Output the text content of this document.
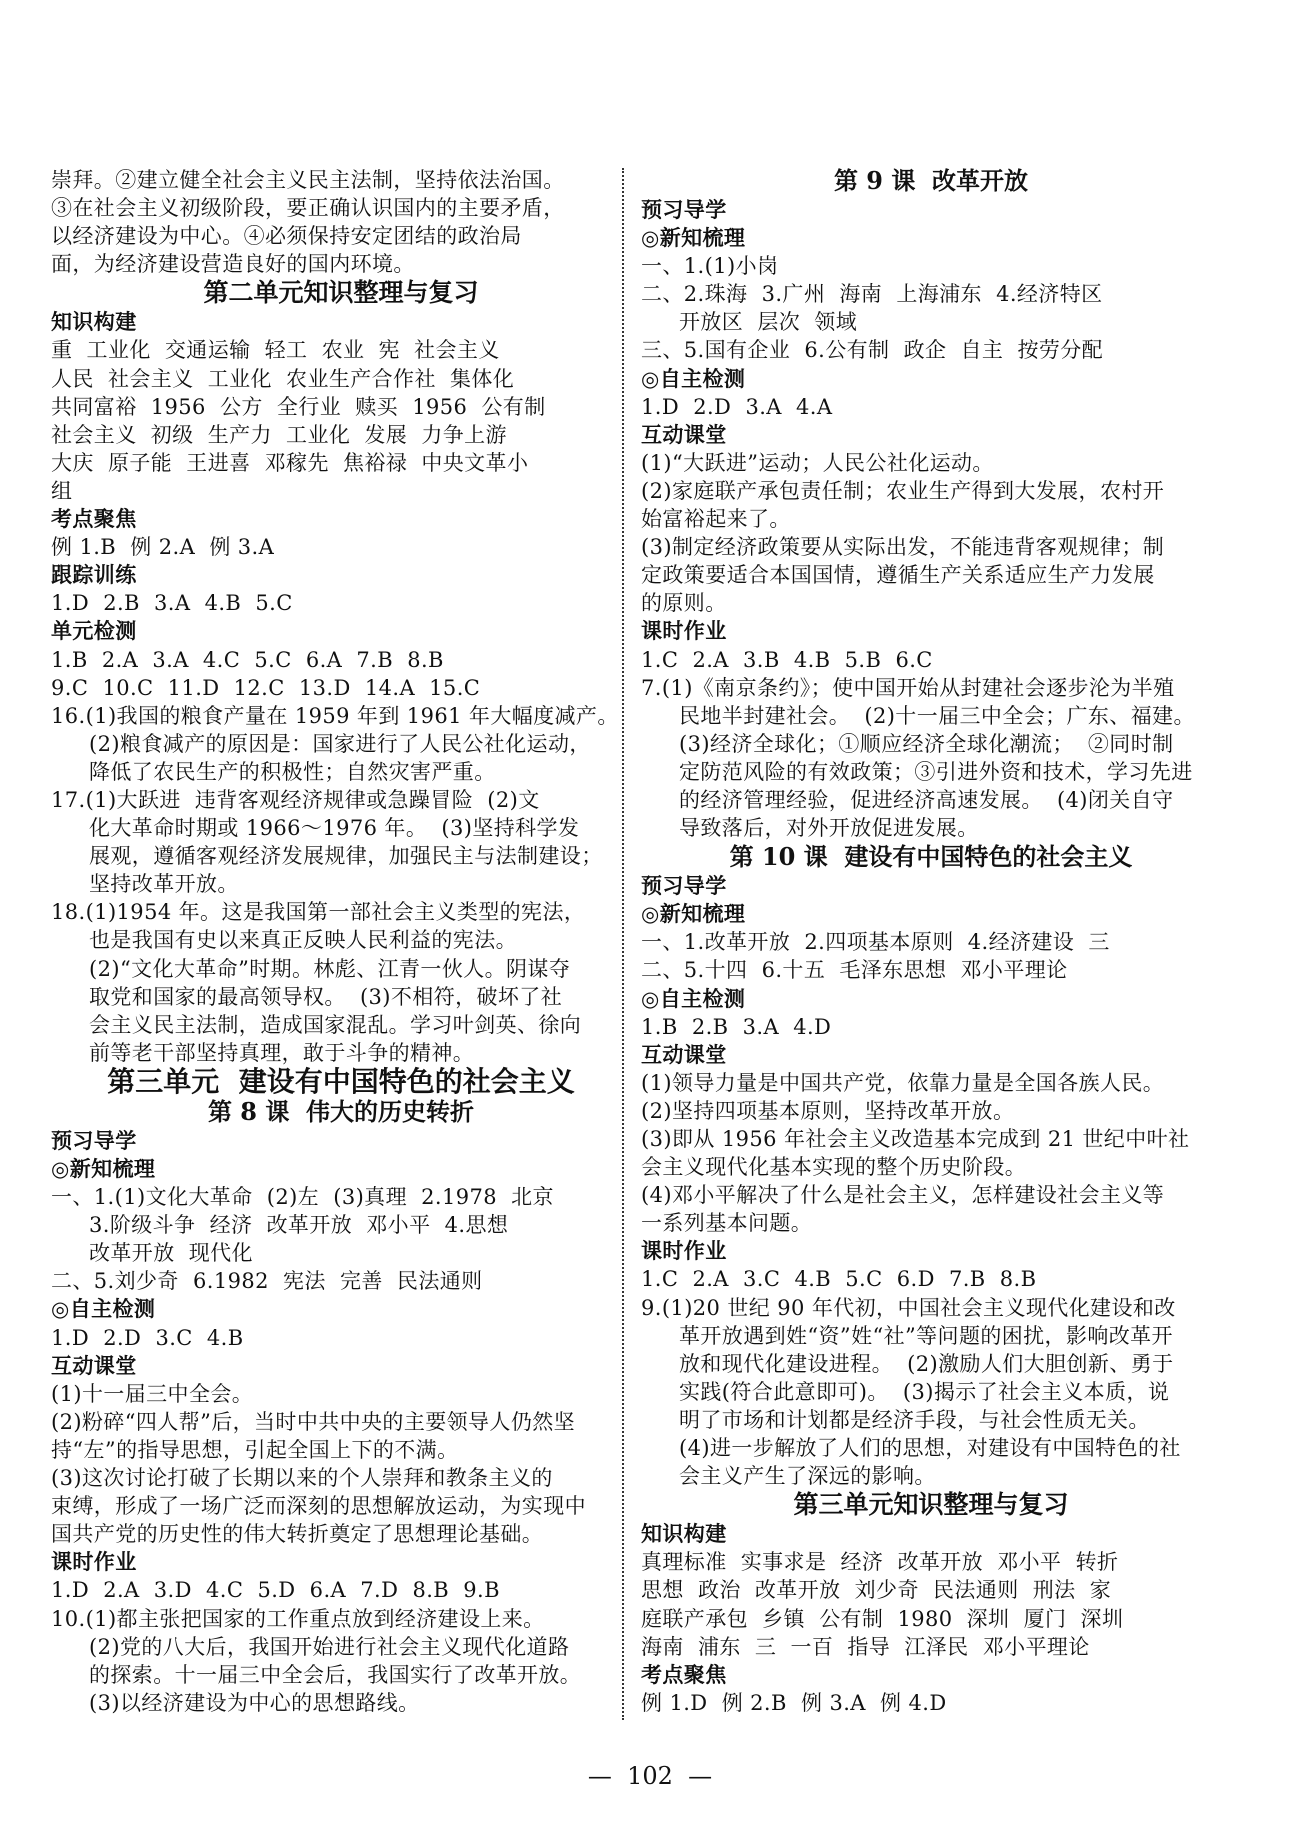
崇拜。②建立健全社会主义民主法制，坚持依法治国。
③在社会主义初级阶段，要正确认识国内的主要矛盾，
以经济建设为中心。④必须保持安定团结的政治局
面，为经济建设营造良好的国内环境。
第二单元知识整理与复习
知识构建
重  工业化  交通运输  轻工  农业  宪  社会主义
人民  社会主义  工业化  农业生产合作社  集体化
共同富裕  1956  公方  全行业  赎买  1956  公有制
社会主义  初级  生产力  工业化  发展  力争上游
大庆  原子能  王进喜  邓稼先  焦裕禄  中央文革小
组
考点聚焦
例 1.B  例 2.A  例 3.A
跟踪训练
1.D  2.B  3.A  4.B  5.C
单元检测
1.B  2.A  3.A  4.C  5.C  6.A  7.B  8.B
9.C  10.C  11.D  12.C  13.D  14.A  15.C
16.(1)我国的粮食产量在 1959 年到 1961 年大幅度减产。
(2)粮食减产的原因是：国家进行了人民公社化运动，
降低了农民生产的积极性；自然灾害严重。
17.(1)大跃进  违背客观经济规律或急躁冒险  (2)文
化大革命时期或 1966～1976 年。  (3)坚持科学发
展观，遵循客观经济发展规律，加强民主与法制建设；
坚持改革开放。
18.(1)1954 年。这是我国第一部社会主义类型的宪法，
也是我国有史以来真正反映人民利益的宪法。
(2)“文化大革命”时期。林彪、江青一伙人。阴谋夺
取党和国家的最高领导权。  (3)不相符，破坏了社
会主义民主法制，造成国家混乱。学习叶剑英、徐向
前等老干部坚持真理，敢于斗争的精神。
第三单元  建设有中国特色的社会主义
第 8 课  伟大的历史转折
预习导学
◎新知梳理
一、1.(1)文化大革命  (2)左  (3)真理  2.1978  北京
3.阶级斗争  经济  改革开放  邓小平  4.思想
改革开放  现代化
二、5.刘少奇  6.1982  宪法  完善  民法通则
◎自主检测
1.D  2.D  3.C  4.B
互动课堂
(1)十一届三中全会。
(2)粉碎“四人帮”后，当时中共中央的主要领导人仍然坚
持“左”的指导思想，引起全国上下的不满。
(3)这次讨论打破了长期以来的个人崇拜和教条主义的
束缚，形成了一场广泛而深刻的思想解放运动，为实现中
国共产党的历史性的伟大转折奠定了思想理论基础。
课时作业
1.D  2.A  3.D  4.C  5.D  6.A  7.D  8.B  9.B
10.(1)都主张把国家的工作重点放到经济建设上来。
(2)党的八大后，我国开始进行社会主义现代化道路
的探索。十一届三中全会后，我国实行了改革开放。
(3)以经济建设为中心的思想路线。
第 9 课  改革开放
预习导学
◎新知梳理
一、1.(1)小岗
二、2.珠海  3.广州  海南  上海浦东  4.经济特区
开放区  层次  领域
三、5.国有企业  6.公有制  政企  自主  按劳分配
◎自主检测
1.D  2.D  3.A  4.A
互动课堂
(1)“大跃进”运动；人民公社化运动。
(2)家庭联产承包责任制；农业生产得到大发展，农村开
始富裕起来了。
(3)制定经济政策要从实际出发，不能违背客观规律；制
定政策要适合本国国情，遵循生产关系适应生产力发展
的原则。
课时作业
1.C  2.A  3.B  4.B  5.B  6.C
7.(1)《南京条约》；使中国开始从封建社会逐步沦为半殖
民地半封建社会。  (2)十一届三中全会；广东、福建。
(3)经济全球化；①顺应经济全球化潮流；  ②同时制
定防范风险的有效政策；③引进外资和技术，学习先进
的经济管理经验，促进经济高速发展。  (4)闭关自守
导致落后，对外开放促进发展。
第 10 课  建设有中国特色的社会主义
预习导学
◎新知梳理
一、1.改革开放  2.四项基本原则  4.经济建设  三
二、5.十四  6.十五  毛泽东思想  邓小平理论
◎自主检测
1.B  2.B  3.A  4.D
互动课堂
(1)领导力量是中国共产党，依靠力量是全国各族人民。
(2)坚持四项基本原则，坚持改革开放。
(3)即从 1956 年社会主义改造基本完成到 21 世纪中叶社
会主义现代化基本实现的整个历史阶段。
(4)邓小平解决了什么是社会主义，怎样建设社会主义等
一系列基本问题。
课时作业
1.C  2.A  3.C  4.B  5.C  6.D  7.B  8.B
9.(1)20 世纪 90 年代初，中国社会主义现代化建设和改
革开放遇到姓“资”姓“社”等问题的困扰，影响改革开
放和现代化建设进程。  (2)激励人们大胆创新、勇于
实践(符合此意即可)。  (3)揭示了社会主义本质，说
明了市场和计划都是经济手段，与社会性质无关。
(4)进一步解放了人们的思想，对建设有中国特色的社
会主义产生了深远的影响。
第三单元知识整理与复习
知识构建
真理标准  实事求是  经济  改革开放  邓小平  转折
思想  政治  改革开放  刘少奇  民法通则  刑法  家
庭联产承包  乡镇  公有制  1980  深圳  厦门  深圳
海南  浦东  三  一百  指导  江泽民  邓小平理论
考点聚焦
例 1.D  例 2.B  例 3.A  例 4.D
—  102  —
